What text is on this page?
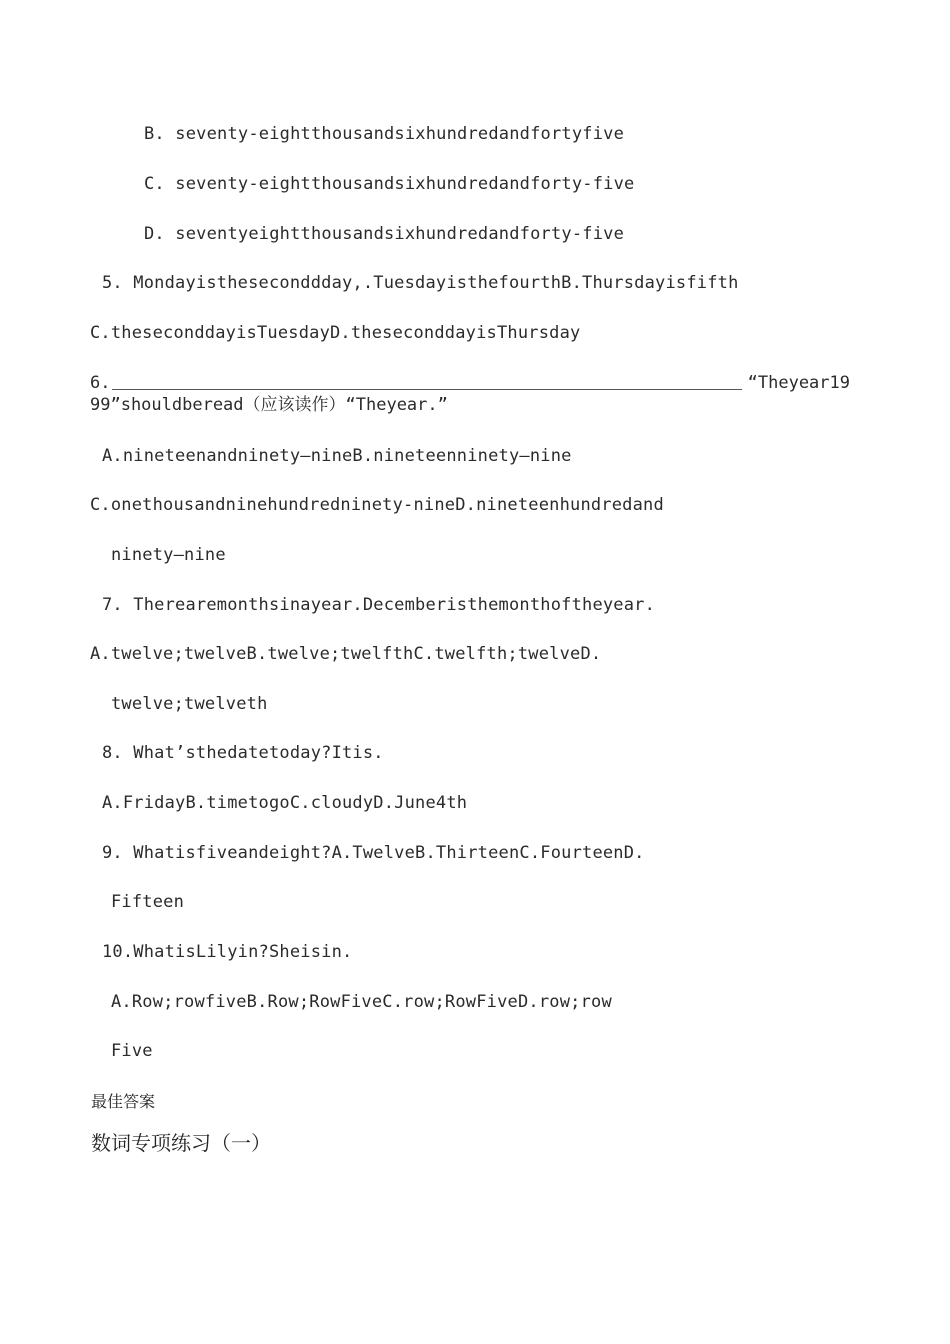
B. seventy-eightthousandsixhundredandfortyfive
C. seventy-eightthousandsixhundredandforty-five
D. seventyeightthousandsixhundredandforty-five
5. Mondayistheseconddday,.TuesdayisthefourthB.Thursdayisfifth
C.theseconddayisTuesdayD.theseconddayisThursday
6.	“Theyear19
99”shouldberead（应该读作）“Theyear.”
A.nineteenandninety—nineB.nineteenninety—nine
C.onethousandninehundredninety-nineD.nineteenhundredand
ninety—nine
7. Therearemonthsinayear.Decemberisthemonthoftheyear.
A.twelve;twelveB.twelve;twelfthC.twelfth;twelveD.
twelve;twelveth
8. What’sthedatetoday?Itis.
A.FridayB.timetogoC.cloudyD.June4th
9. Whatisfiveandeight?A.TwelveB.ThirteenC.FourteenD.
Fifteen
10.WhatisLilyin?Sheisin.
A.Row;rowfiveB.Row;RowFiveC.row;RowFiveD.row;row
Five
最佳答案
数词专项练习（一）
